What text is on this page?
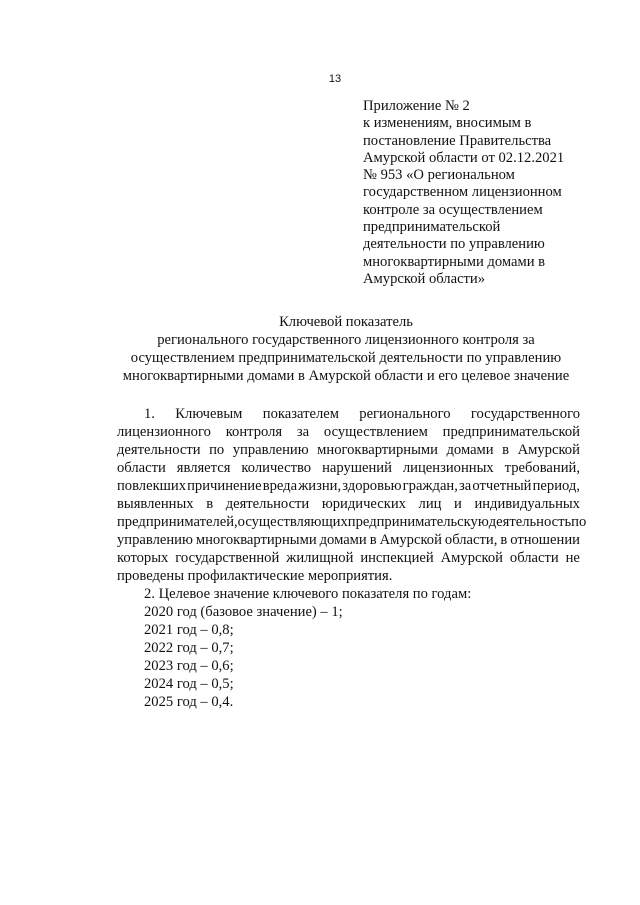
13
Приложение № 2
к изменениям, вносимым в
постановление Правительства
Амурской области от 02.12.2021
№ 953 «О региональном
государственном лицензионном
контроле за осуществлением
предпринимательской
деятельности по управлению
многоквартирными домами в
Амурской области»
Ключевой показатель
регионального государственного лицензионного контроля за
осуществлением предпринимательской деятельности по управлению
многоквартирными домами в Амурской области и его целевое значение
1. Ключевым показателем регионального государственного
лицензионного контроля за осуществлением предпринимательской
деятельности по управлению многоквартирными домами в Амурской
области является количество нарушений лицензионных требований,
повлекших причинение вреда жизни, здоровью граждан, за отчетный период,
выявленных в деятельности юридических лиц и индивидуальных
предпринимателей, осуществляющих предпринимательскую деятельность по
управлению многоквартирными домами в Амурской области, в отношении
которых государственной жилищной инспекцией Амурской области не
проведены профилактические мероприятия.
2. Целевое значение ключевого показателя по годам:
2020 год (базовое значение) – 1;
2021 год – 0,8;
2022 год – 0,7;
2023 год – 0,6;
2024 год – 0,5;
2025 год – 0,4.
